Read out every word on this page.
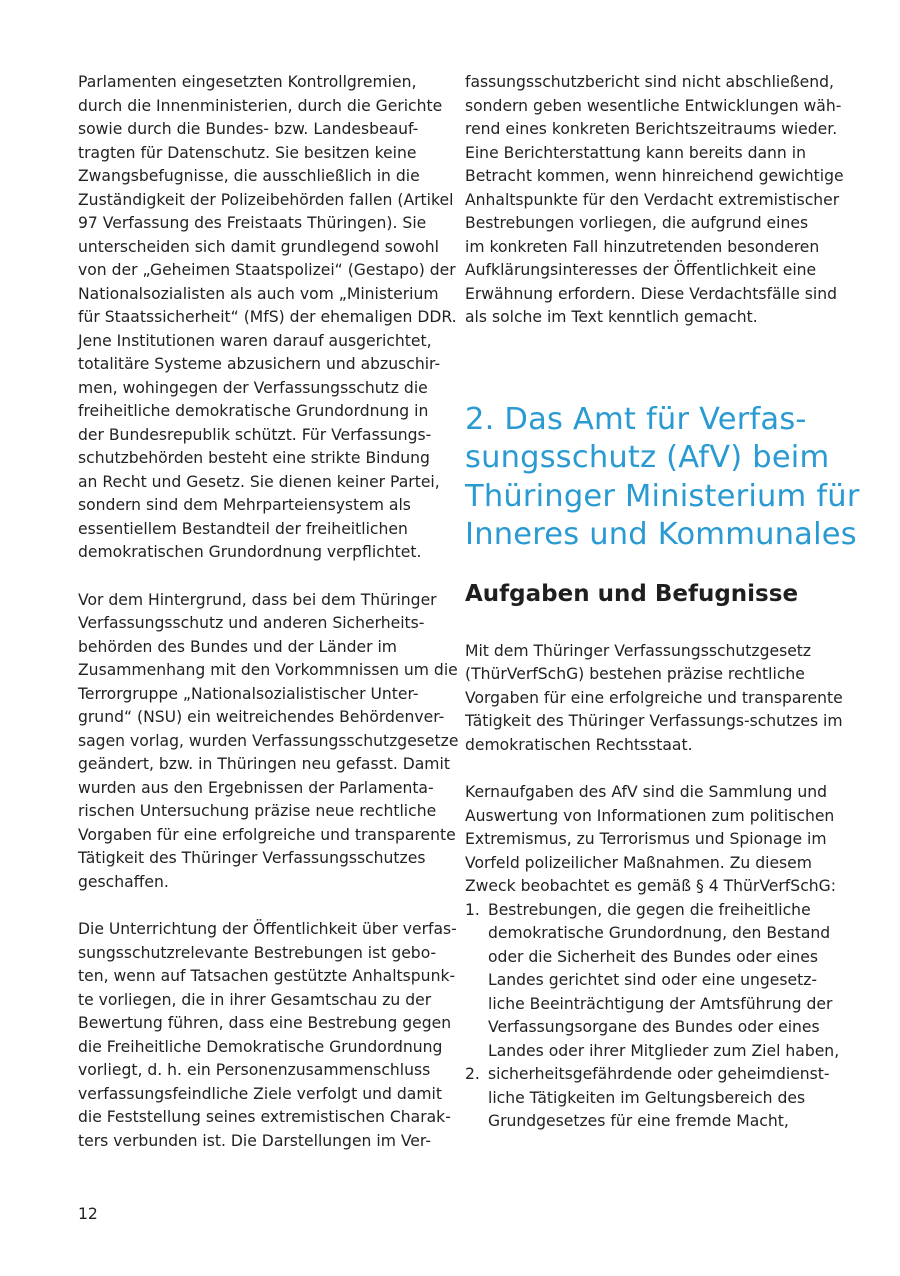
Parlamenten eingesetzten Kontrollgremien,

durch die Innenministerien, durch die Gerichte

sowie durch die Bundes- bzw. Landesbeauf-

tragten für Datenschutz. Sie besitzen keine

Zwangsbefugnisse, die ausschließlich in die

Zuständigkeit der Polizeibehörden fallen (Artikel

97 Verfassung des Freistaats Thüringen). Sie

unterscheiden sich damit grundlegend sowohl

von der „Geheimen Staatspolizei“ (Gestapo) der

Nationalsozialisten als auch vom „Ministerium

für Staatssicherheit“ (MfS) der ehemaligen DDR.

Jene Institutionen waren darauf ausgerichtet,

totalitäre Systeme abzusichern und abzuschir-

men, wohingegen der Verfassungsschutz die

freiheitliche demokratische Grundordnung in

der Bundesrepublik schützt. Für Verfassungs-

schutzbehörden besteht eine strikte Bindung

an Recht und Gesetz. Sie dienen keiner Partei,

sondern sind dem Mehrparteiensystem als

essentiellem Bestandteil der freiheitlichen

demokratischen Grundordnung verpflichtet.

Vor dem Hintergrund, dass bei dem Thüringer

Verfassungsschutz und anderen Sicherheits-

behörden des Bundes und der Länder im

Zusammenhang mit den Vorkommnissen um die

Terrorgruppe „Nationalsozialistischer Unter-

grund“ (NSU) ein weitreichendes Behördenver-

sagen vorlag, wurden Verfassungsschutzgesetze

geändert, bzw. in Thüringen neu gefasst. Damit

wurden aus den Ergebnissen der Parlamenta-

rischen Untersuchung präzise neue rechtliche

Vorgaben für eine erfolgreiche und transparente

Tätigkeit des Thüringer Verfassungsschutzes

geschaffen.

Die Unterrichtung der Öffentlichkeit über verfas-

sungsschutzrelevante Bestrebungen ist gebo-

ten, wenn auf Tatsachen gestützte Anhaltspunk-

te vorliegen, die in ihrer Gesamtschau zu der

Bewertung führen, dass eine Bestrebung gegen

die Freiheitliche Demokratische Grundordnung

vorliegt, d. h. ein Personenzusammenschluss

verfassungsfeindliche Ziele verfolgt und damit

die Feststellung seines extremistischen Charak-

ters verbunden ist. Die Darstellungen im Ver-

fassungsschutzbericht sind nicht abschließend,

sondern geben wesentliche Entwicklungen wäh-

rend eines konkreten Berichtszeitraums wieder.

Eine Berichterstattung kann bereits dann in

Betracht kommen, wenn hinreichend gewichtige

Anhaltspunkte für den Verdacht extremistischer

Bestrebungen vorliegen, die aufgrund eines

im konkreten Fall hinzutretenden besonderen

Aufklärungsinteresses der Öffentlichkeit eine

Erwähnung erfordern. Diese Verdachtsfälle sind

als solche im Text kenntlich gemacht.

2. Das Amt für Verfas-

sungsschutz (AfV) beim

Thüringer Ministerium für

Inneres und Kommunales

Aufgaben und Befugnisse

Mit dem Thüringer Verfassungsschutzgesetz

(ThürVerfSchG) bestehen präzise rechtliche

Vorgaben für eine erfolgreiche und transparente

Tätigkeit des Thüringer Verfassungs-schutzes im

demokratischen Rechtsstaat.

Kernaufgaben des AfV sind die Sammlung und

Auswertung von Informationen zum politischen

Extremismus, zu Terrorismus und Spionage im

Vorfeld polizeilicher Maßnahmen. Zu diesem

Zweck beobachtet es gemäß § 4 ThürVerfSchG:

1. Bestrebungen, die gegen die freiheitliche

demokratische Grundordnung, den Bestand

oder die Sicherheit des Bundes oder eines

Landes gerichtet sind oder eine ungesetz-

liche Beeinträchtigung der Amtsführung der

Verfassungsorgane des Bundes oder eines

Landes oder ihrer Mitglieder zum Ziel haben,

2. sicherheitsgefährdende oder geheimdienst-

liche Tätigkeiten im Geltungsbereich des

Grundgesetzes für eine fremde Macht,

12
